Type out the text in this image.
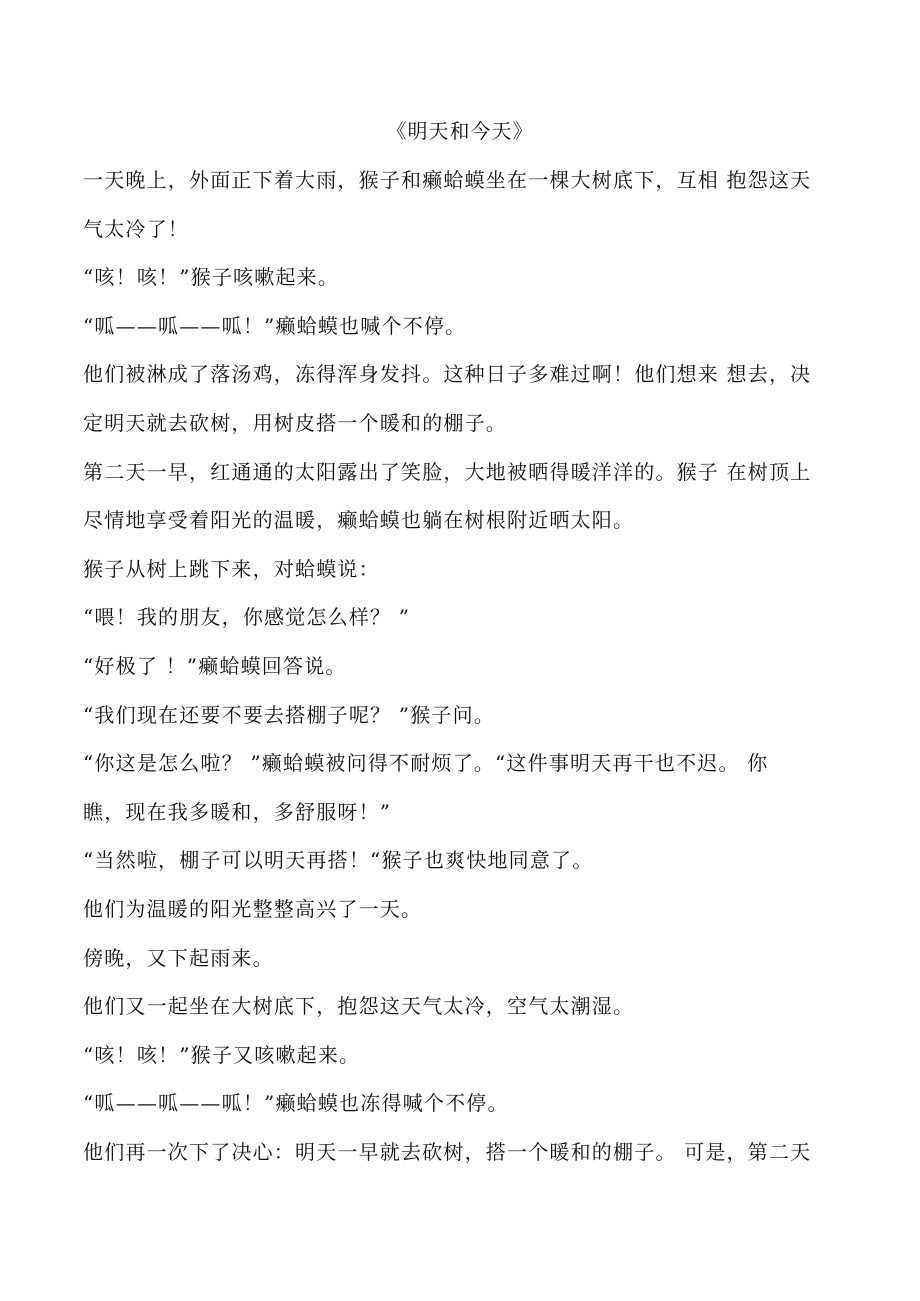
《明天和今天》
一天晚上，外面正下着大雨，猴子和癞蛤蟆坐在一棵大树底下，互相 抱怨这天
气太冷了！
“咳！咳！”猴子咳嗽起来。
“呱——呱——呱！”癞蛤蟆也喊个不停。
他们被淋成了落汤鸡，冻得浑身发抖。这种日子多难过啊！他们想来 想去，决
定明天就去砍树，用树皮搭一个暖和的棚子。
第二天一早，红通通的太阳露出了笑脸，大地被晒得暖洋洋的。猴子 在树顶上
尽情地享受着阳光的温暖，癞蛤蟆也躺在树根附近晒太阳。
猴子从树上跳下来，对蛤蟆说：
“喂！我的朋友，你感觉怎么样？ ”
“好极了 ！”癞蛤蟆回答说。
“我们现在还要不要去搭棚子呢？ ”猴子问。
“你这是怎么啦？ ”癞蛤蟆被问得不耐烦了。“这件事明天再干也不迟。 你
瞧，现在我多暖和，多舒服呀！”
“当然啦，棚子可以明天再搭！“猴子也爽快地同意了。
他们为温暖的阳光整整高兴了一天。
傍晚，又下起雨来。
他们又一起坐在大树底下，抱怨这天气太冷，空气太潮湿。
“咳！咳！”猴子又咳嗽起来。
“呱——呱——呱！”癞蛤蟆也冻得喊个不停。
他们再一次下了决心：明天一早就去砍树，搭一个暖和的棚子。 可是，第二天
